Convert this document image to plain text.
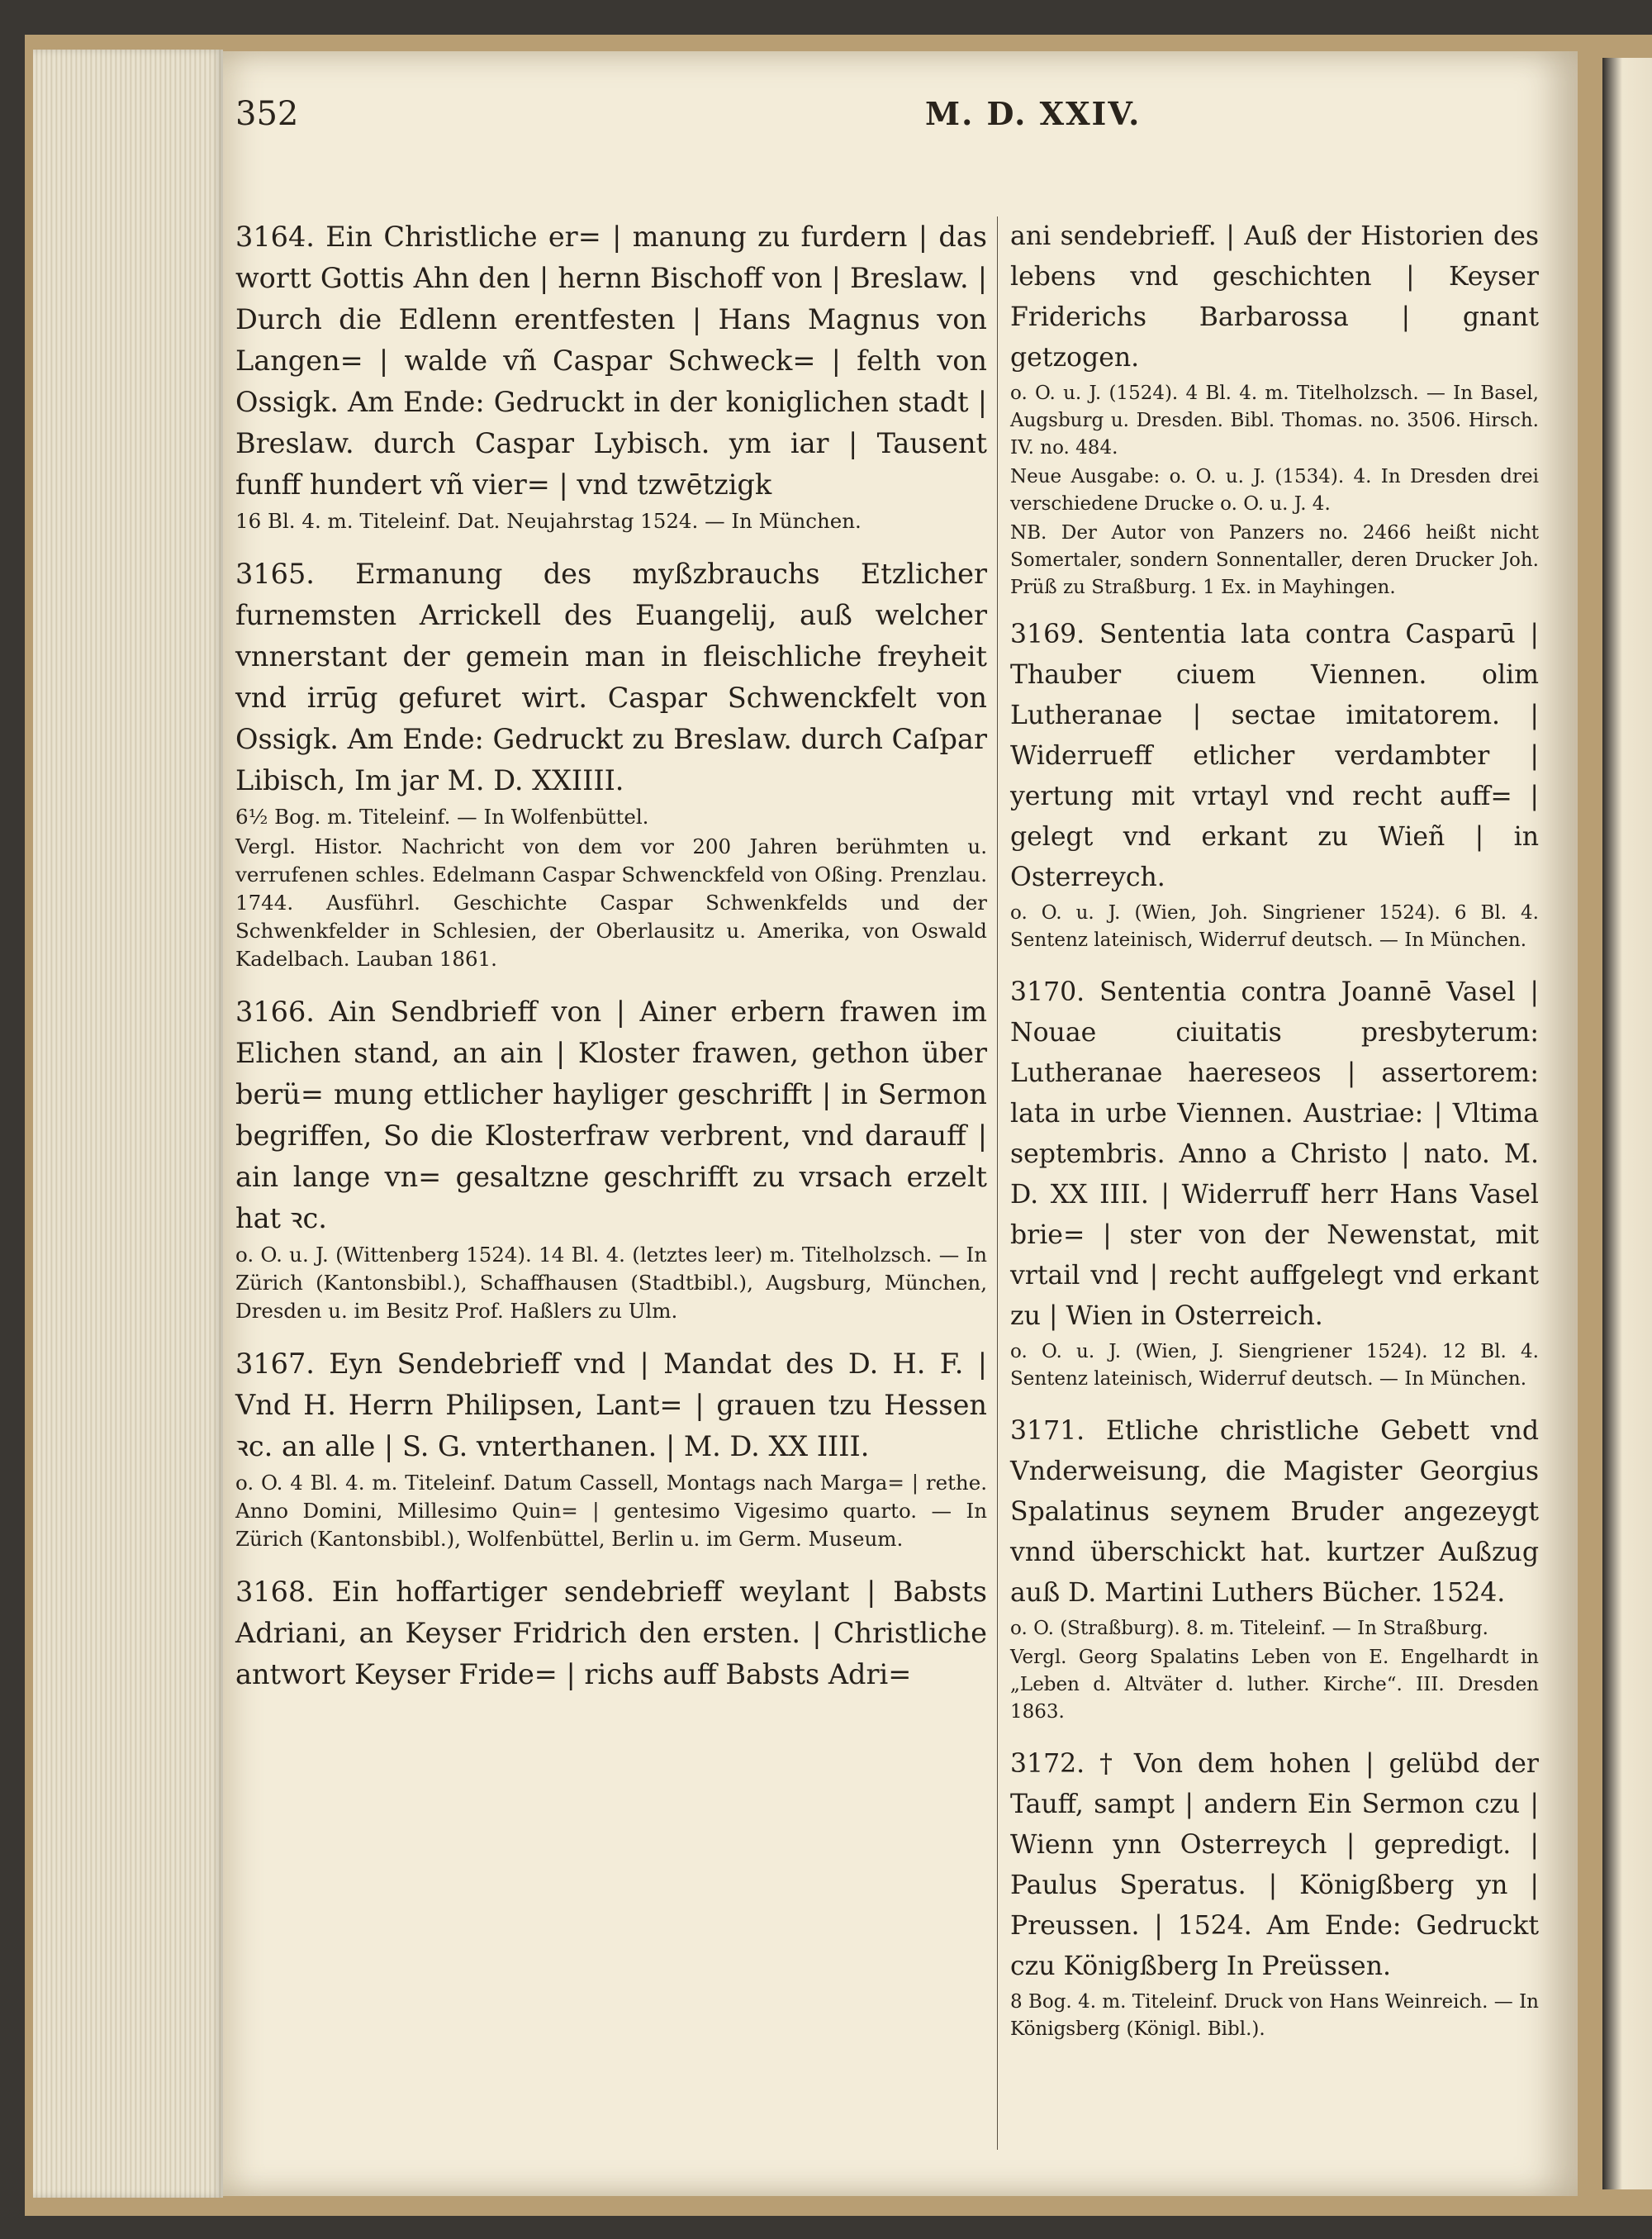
352	M. D. XXIV.

3164. Ein Christliche er= | manung zu furdern | das wortt Gottis Ahn den | hernn Bischoff von | Breslaw. | Durch die Edlenn erentfesten | Hans Magnus von Langen= | walde vñ Caspar Schweck= | felth von Ossigk. Am Ende: Gedruckt in der koniglichen stadt | Breslaw. durch Caspar Lybisch. ym iar | Tausent funff hundert vñ vier= | vnd tzwētzigk

16 Bl. 4. m. Titeleinf. Dat. Neujahrstag 1524. — In München.

3165. Ermanung des myßzbrauchs Etzlicher furnemsten Arrickell des Euangelij, auß welcher vnnerstant der gemein man in fleischliche freyheit vnd irrūg gefuret wirt. Caspar Schwenckfelt von Ossigk. Am Ende: Gedruckt zu Breslaw. durch Caſpar Libisch, Im jar M. D. XXIIII.

6½ Bog. m. Titeleinf. — In Wolfenbüttel.

Vergl. Histor. Nachricht von dem vor 200 Jahren berühmten u. verrufenen schles. Edelmann Caspar Schwenckfeld von Oßing. Prenzlau. 1744. Ausführl. Geschichte Caspar Schwenkfelds und der Schwenkfelder in Schlesien, der Oberlausitz u. Amerika, von Oswald Kadelbach. Lauban 1861.

3166. Ain Sendbrieff von | Ainer erbern frawen im Elichen stand, an ain | Kloster frawen, gethon über berü= mung ettlicher hayliger geschrifft | in Sermon begriffen, So die Klosterfraw verbrent, vnd darauff | ain lange vn= gesaltzne geschrifft zu vrsach erzelt hat ꝛc.

o. O. u. J. (Wittenberg 1524). 14 Bl. 4. (letztes leer) m. Titelholzsch. — In Zürich (Kantonsbibl.), Schaffhausen (Stadtbibl.), Augsburg, München, Dresden u. im Besitz Prof. Haßlers zu Ulm.

3167. Eyn Sendebrieff vnd | Mandat des D. H. F. | Vnd H. Herrn Philipsen, Lant= | grauen tzu Hessen ꝛc. an alle | S. G. vnterthanen. | M. D. XX IIII.

o. O. 4 Bl. 4. m. Titeleinf. Datum Cassell, Montags nach Marga= | rethe. Anno Domini, Millesimo Quin= | gentesimo Vigesimo quarto. — In Zürich (Kantonsbibl.), Wolfenbüttel, Berlin u. im Germ. Museum.

3168. Ein hoffartiger sendebrieff weylant | Babsts Adriani, an Keyser Fridrich den ersten. | Christliche antwort Keyser Fride= | richs auff Babsts Adri=

ani sendebrieff. | Auß der Historien des lebens vnd geschichten | Keyser Friderichs Barbarossa | gnant getzogen.

o. O. u. J. (1524). 4 Bl. 4. m. Titelholzsch. — In Basel, Augsburg u. Dresden. Bibl. Thomas. no. 3506. Hirsch. IV. no. 484.

Neue Ausgabe: o. O. u. J. (1534). 4. In Dresden drei verschiedene Drucke o. O. u. J. 4.

NB. Der Autor von Panzers no. 2466 heißt nicht Somertaler, sondern Sonnentaller, deren Drucker Joh. Prüß zu Straßburg. 1 Ex. in Mayhingen.

3169. Sententia lata contra Casparū | Thauber ciuem Viennen. olim Lutheranae | sectae imitatorem. | Widerrueff etlicher verdambter | yertung mit vrtayl vnd recht auff= | gelegt vnd erkant zu Wieñ | in Osterreych.

o. O. u. J. (Wien, Joh. Singriener 1524). 6 Bl. 4. Sentenz lateinisch, Widerruf deutsch. — In München.

3170. Sententia contra Joannē Vasel | Nouae ciuitatis presbyterum: Lutheranae haereseos | assertorem: lata in urbe Viennen. Austriae: | Vltima septembris. Anno a Christo | nato. M. D. XX IIII. | Widerruff herr Hans Vasel brie= | ster von der Newenstat, mit vrtail vnd | recht auffgelegt vnd erkant zu | Wien in Osterreich.

o. O. u. J. (Wien, J. Siengriener 1524). 12 Bl. 4. Sentenz lateinisch, Widerruf deutsch. — In München.

3171. Etliche christliche Gebett vnd Vnderweisung, die Magister Georgius Spalatinus seynem Bruder angezeygt vnnd überschickt hat. kurtzer Außzug auß D. Martini Luthers Bücher. 1524.

o. O. (Straßburg). 8. m. Titeleinf. — In Straßburg.

Vergl. Georg Spalatins Leben von E. Engelhardt in „Leben d. Altväter d. luther. Kirche“. III. Dresden 1863.

3172. † Von dem hohen | gelübd der Tauff, sampt | andern Ein Sermon czu | Wienn ynn Osterreych | gepredigt. | Paulus Speratus. | Königßberg yn | Preussen. | 1524. Am Ende: Gedruckt czu Königßberg In Preüssen.

8 Bog. 4. m. Titeleinf. Druck von Hans Weinreich. — In Königsberg (Königl. Bibl.).
